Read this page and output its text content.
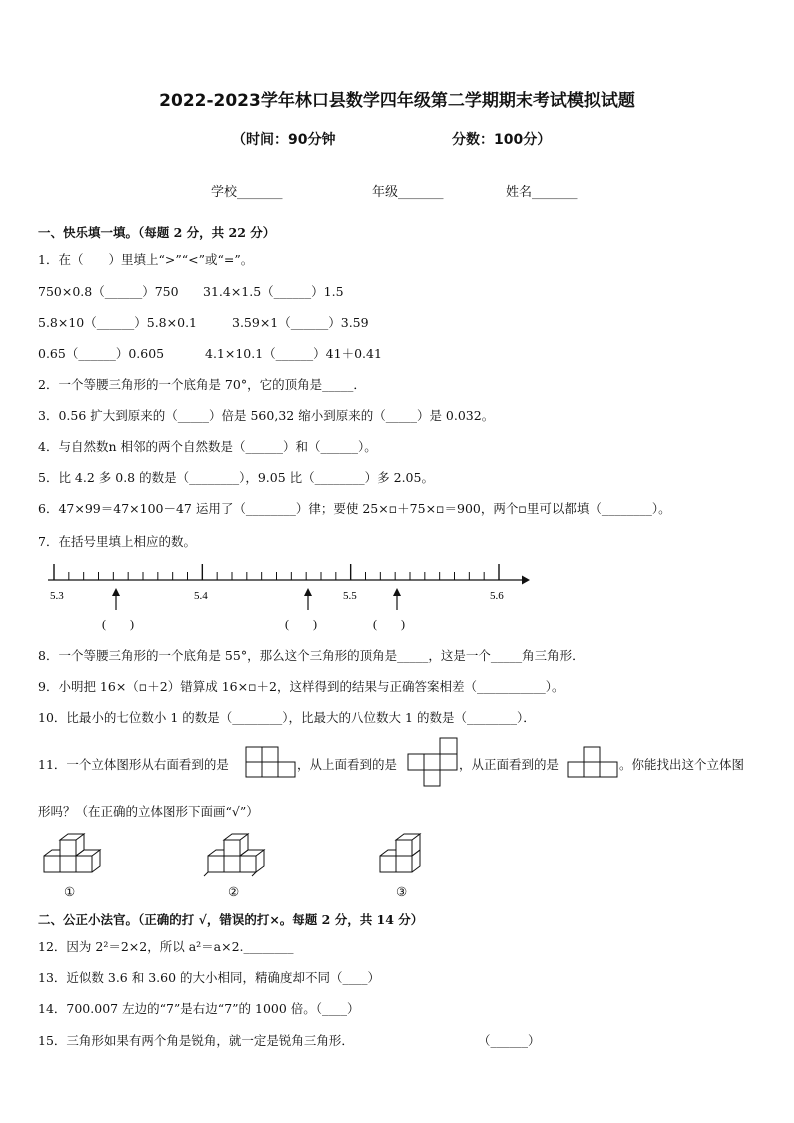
2022-2023学年林口县数学四年级第二学期期末考试模拟试题
（时间：90分钟	分数：100分）
学校_______	年级_______	姓名_______
一、快乐填一填。（每题 2 分，共 22 分）
1．在（　　）里填上“>”“<”或“=”。
750×0.8（______）750 31.4×1.5（______）1.5
5.8×10（______）5.8×0.1	3.59×1（______）3.59
0.65（______）0.605	4.1×10.1（______）41＋0.41
2．一个等腰三角形的一个底角是 70°，它的顶角是_____．
3．0.56 扩大到原来的（_____）倍是 560,32 缩小到原来的（_____）是 0.032。
4．与自然数n 相邻的两个自然数是（______）和（______）。
5．比 4.2 多 0.8 的数是（________），9.05 比（________）多 2.05。
6．47×99＝47×100－47 运用了（________）律；要使 25×▫＋75×▫＝900，两个▫里可以都填（________）。
7．在括号里填上相应的数。
5.3	5.4	5.5	5.6
(　　)	(　　)	(　　)
8．一个等腰三角形的一个底角是 55°，那么这个三角形的顶角是_____，这是一个_____角三角形．
9．小明把 16×（▫＋2）错算成 16×▫＋2，这样得到的结果与正确答案相差（___________）。
10．比最小的七位数小 1 的数是（________），比最大的八位数大 1 的数是（________）．
11．一个立体图形从右面看到的是	，从上面看到的是	，从正面看到的是	。你能找出这个立体图
形吗？（在正确的立体图形下面画“√”）
①	②	③
二、公正小法官。（正确的打 √，错误的打×。每题 2 分，共 14 分）
12．因为 2²＝2×2，所以 a²＝a×2.________
13．近似数 3.6 和 3.60 的大小相同，精确度却不同（____）
14．700.007 左边的“7”是右边“7”的 1000 倍。（____）
15．三角形如果有两个角是锐角，就一定是锐角三角形．	（______）
